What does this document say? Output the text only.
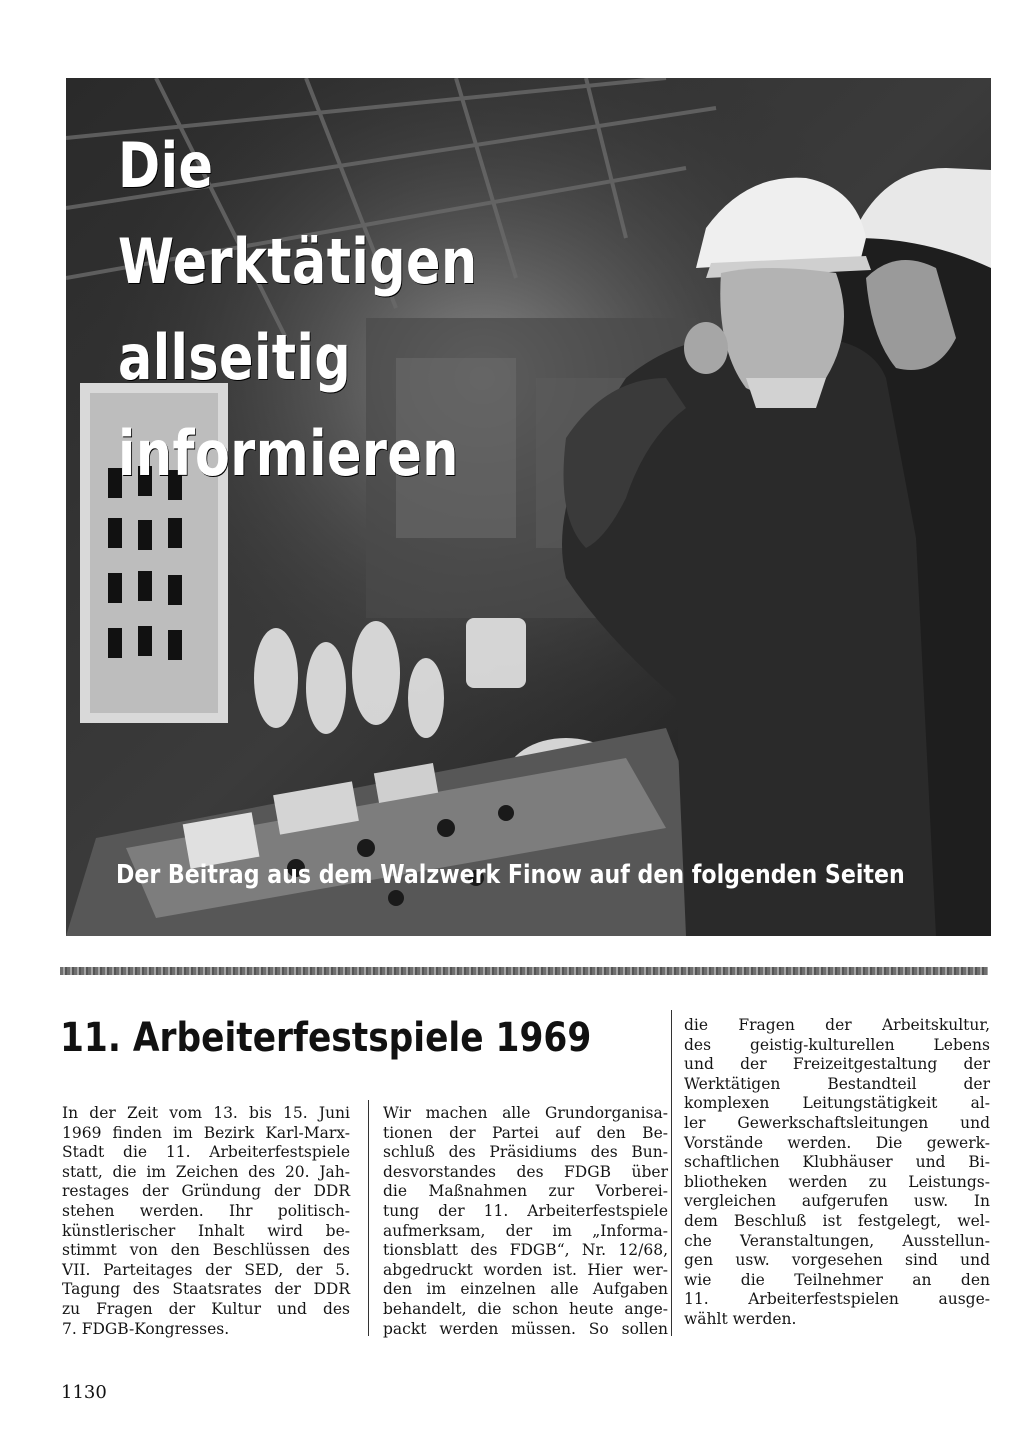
Die
Werktätigen
allseitig
informieren
Der Beitrag aus dem Walzwerk Finow auf den folgenden Seiten
11. Arbeiterfestspiele 1969

In der Zeit vom 13. bis 15. Juni
1969 finden im Bezirk Karl-Marx-
Stadt die 11. Arbeiterfestspiele
statt, die im Zeichen des 20. Jah-
restages der Gründung der DDR
stehen werden. Ihr politisch-
künstlerischer Inhalt wird be-
stimmt von den Beschlüssen des
VII. Parteitages der SED, der 5.
Tagung des Staatsrates der DDR
zu Fragen der Kultur und des
7. FDGB-Kongresses.

Wir machen alle Grundorganisa-
tionen der Partei auf den Be-
schluß des Präsidiums des Bun-
desvorstandes des FDGB über
die Maßnahmen zur Vorberei-
tung der 11. Arbeiterfestspiele
aufmerksam, der im „Informa-
tionsblatt des FDGB“, Nr. 12/68,
abgedruckt worden ist. Hier wer-
den im einzelnen alle Aufgaben
behandelt, die schon heute angе-
packt werden müssen. So sollen

die Fragen der Arbeitskultur,
des geistig-kulturellen Lebens
und der Freizeitgestaltung der
Werktätigen Bestandteil der
komplexen Leitungstätigkeit al-
ler Gewerkschaftsleitungen und
Vorstände werden. Die gewerk-
schaftlichen Klubhäuser und Bi-
bliotheken werden zu Leistungs-
vergleichen aufgerufen usw. In
dem Beschluß ist festgelegt, wel-
che Veranstaltungen, Ausstellun-
gen usw. vorgesehen sind und
wie die Teilnehmer an den
11. Arbeiterfestspielen ausge-
wählt werden.

1130
